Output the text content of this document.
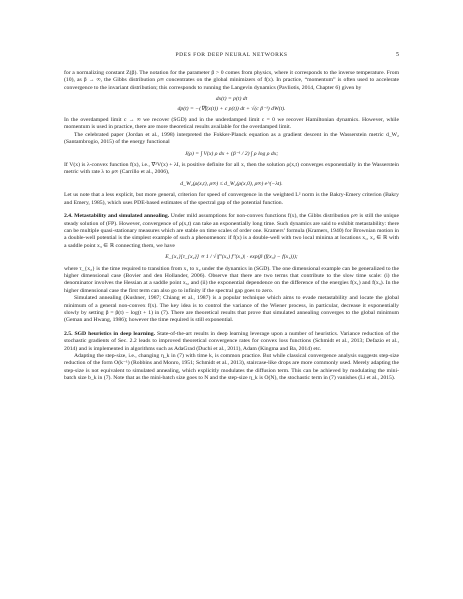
PDES FOR DEEP NEURAL NETWORKS	5

for a normalizing constant Z(β). The notation for the parameter β > 0 comes from physics, where it corresponds to the inverse temperature. From (10), as β → ∞, the Gibbs distribution ρ∞ concentrates on the global minimizers of f(x). In practice, “momentum” is often used to accelerate convergence to the invariant distribution; this corresponds to running the Langevin dynamics (Pavliotis, 2014, Chapter 6) given by

dx(t) = p(t) dt
dp(t) = −(∇f(x(t)) + c p(t)) dt + √(c β⁻¹) dW(t).

In the overdamped limit c → ∞ we recover (SGD) and in the underdamped limit c = 0 we recover Hamiltonian dynamics. However, while momentum is used in practice, there are more theoretical results available for the overdamped limit.

The celebrated paper (Jordan et al., 1998) interpreted the Fokker-Planck equation as a gradient descent in the Wasserstein metric d_W₂ (Santambrogio, 2015) of the energy functional

J(ρ) = ∫ V(x) ρ dx + (β⁻¹ / 2) ∫ ρ log ρ dx;

If V(x) is λ-convex function f(x), i.e., ∇²V(x) + λI, is positive definite for all x, then the solution ρ(x,t) converges exponentially in the Wasserstein metric with rate λ to ρ∞ (Carrillo et al., 2006),

d_W₂(ρ(x,t), ρ∞) ≤ d_W₂(ρ(x,0), ρ∞) e^(−λt).

Let us note that a less explicit, but more general, criterion for speed of convergence in the weighted L² norm is the Bakry-Emery criterion (Bakry and Emery, 1985), which uses PDE-based estimates of the spectral gap of the potential function.

2.4. Metastability and simulated annealing. Under mild assumptions for non-convex functions f(x), the Gibbs distribution ρ∞ is still the unique steady solution of (FP). However, convergence of ρ(x,t) can take an exponentially long time. Such dynamics are said to exhibit metastability: there can be multiple quasi-stationary measures which are stable on time scales of order one. Kramers’ formula (Kramers, 1940) for Brownian motion in a double-well potential is the simplest example of such a phenomenon: if f(x) is a double-well with two local minima at locations x₁, x₂ ∈ ℝ with a saddle point x₃ ∈ ℝ connecting them, we have

E_{x₁}[τ_{x₂}] ∝ 1 / √|f''(x₃) f''(x₁)| · exp(β (f(x₃) − f(x₁)));

where τ_{x₂} is the time required to transition from x₁ to x₂ under the dynamics in (SGD). The one dimensional example can be generalized to the higher dimensional case (Bovier and den Hollander, 2006). Observe that there are two terms that contribute to the slow time scale: (i) the denominator involves the Hessian at a saddle point x₃, and (ii) the exponential dependence on the difference of the energies f(x₁) and f(x₃). In the higher dimensional case the first term can also go to infinity if the spectral gap goes to zero.

Simulated annealing (Kushner, 1987; Chiang et al., 1987) is a popular technique which aims to evade metastability and locate the global minimum of a general non-convex f(x). The key idea is to control the variance of the Wiener process, in particular, decrease it exponentially slowly by setting β = β(t) − log(t + 1) in (7). There are theoretical results that prove that simulated annealing converges to the global minimum (Geman and Hwang, 1986); however the time required is still exponential.

2.5. SGD heuristics in deep learning. State-of-the-art results in deep learning leverage upon a number of heuristics. Variance reduction of the stochastic gradients of Sec. 2.2 leads to improved theoretical convergence rates for convex loss functions (Schmidt et al., 2013; Defazio et al., 2014) and is implemented in algorithms such as AdaGrad (Duchi et al., 2011), Adam (Kingma and Ba, 2014) etc.

Adapting the step-size, i.e., changing η_k in (7) with time k, is common practice. But while classical convergence analysis suggests step-size reduction of the form O(k⁻¹) (Robbins and Monro, 1951; Schmidt et al., 2013), staircase-like drops are more commonly used. Merely adapting the step-size is not equivalent to simulated annealing, which explicitly modulates the diffusion term. This can be achieved by modulating the mini-batch size b_k in (7). Note that as the mini-batch size goes to N and the step-size η_k is O(N), the stochastic term in (7) vanishes (Li et al., 2015).
